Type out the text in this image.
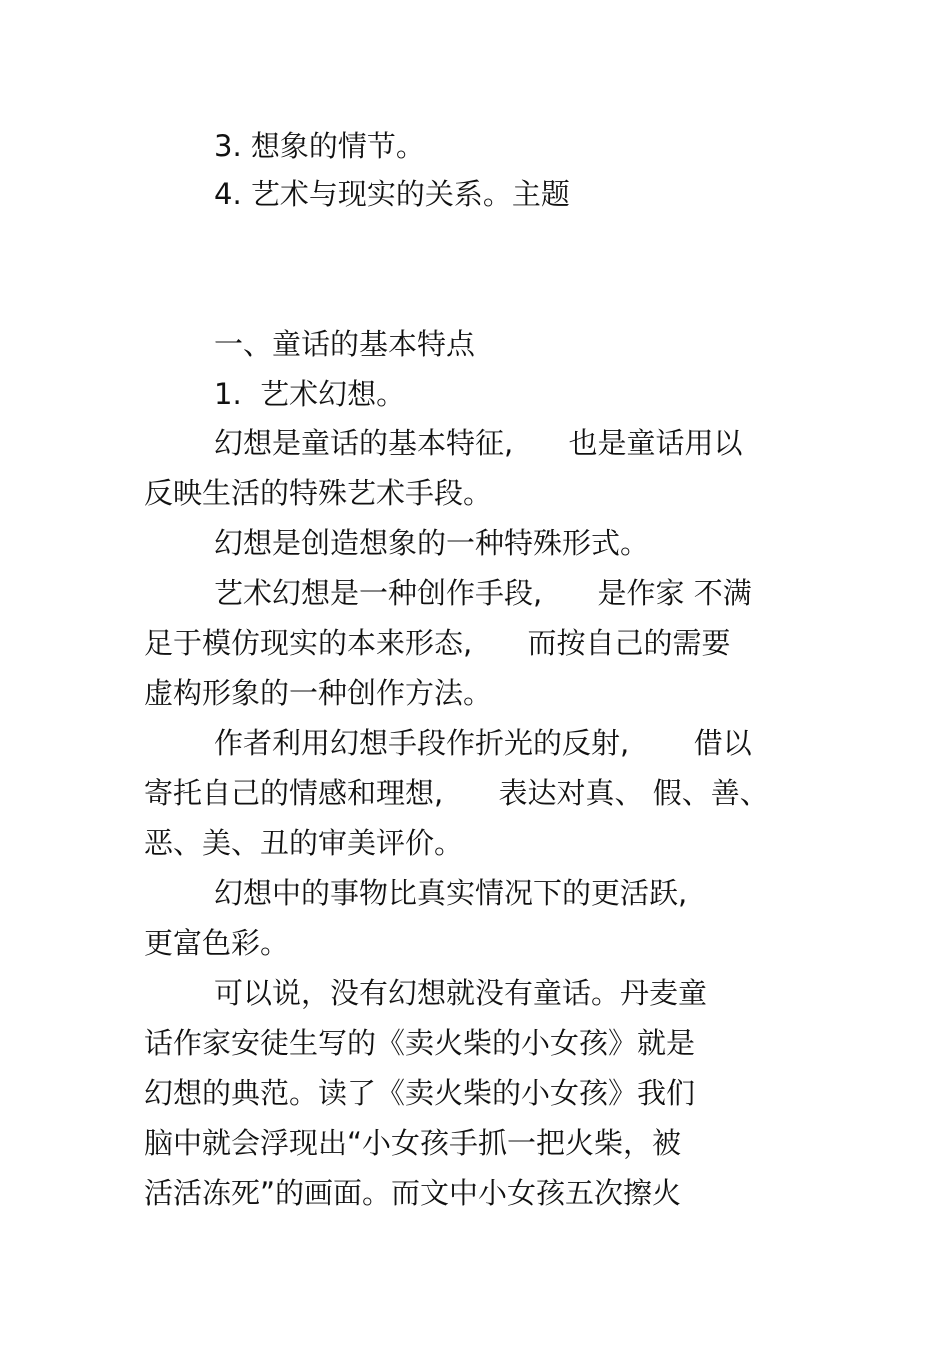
3. 想象的情节。
4. 艺术与现实的关系。主题
一、童话的基本特点
1.  艺术幻想。
幻想是童话的基本特征,      也是童话用以
反映生活的特殊艺术手段。
幻想是创造想象的一种特殊形式。
艺术幻想是一种创作手段,      是作家 不满
足于模仿现实的本来形态,      而按自己的需要
虚构形象的一种创作方法。
作者利用幻想手段作折光的反射,       借以
寄托自己的情感和理想,      表达对真、 假、善、
恶、美、丑的审美评价。
幻想中的事物比真实情况下的更活跃,
更富色彩。
可以说，没有幻想就没有童话。丹麦童
话作家安徒生写的《卖火柴的小女孩》就是
幻想的典范。读了《卖火柴的小女孩》我们
脑中就会浮现出“小女孩手抓一把火柴，被
活活冻死”的画面。而文中小女孩五次擦火
